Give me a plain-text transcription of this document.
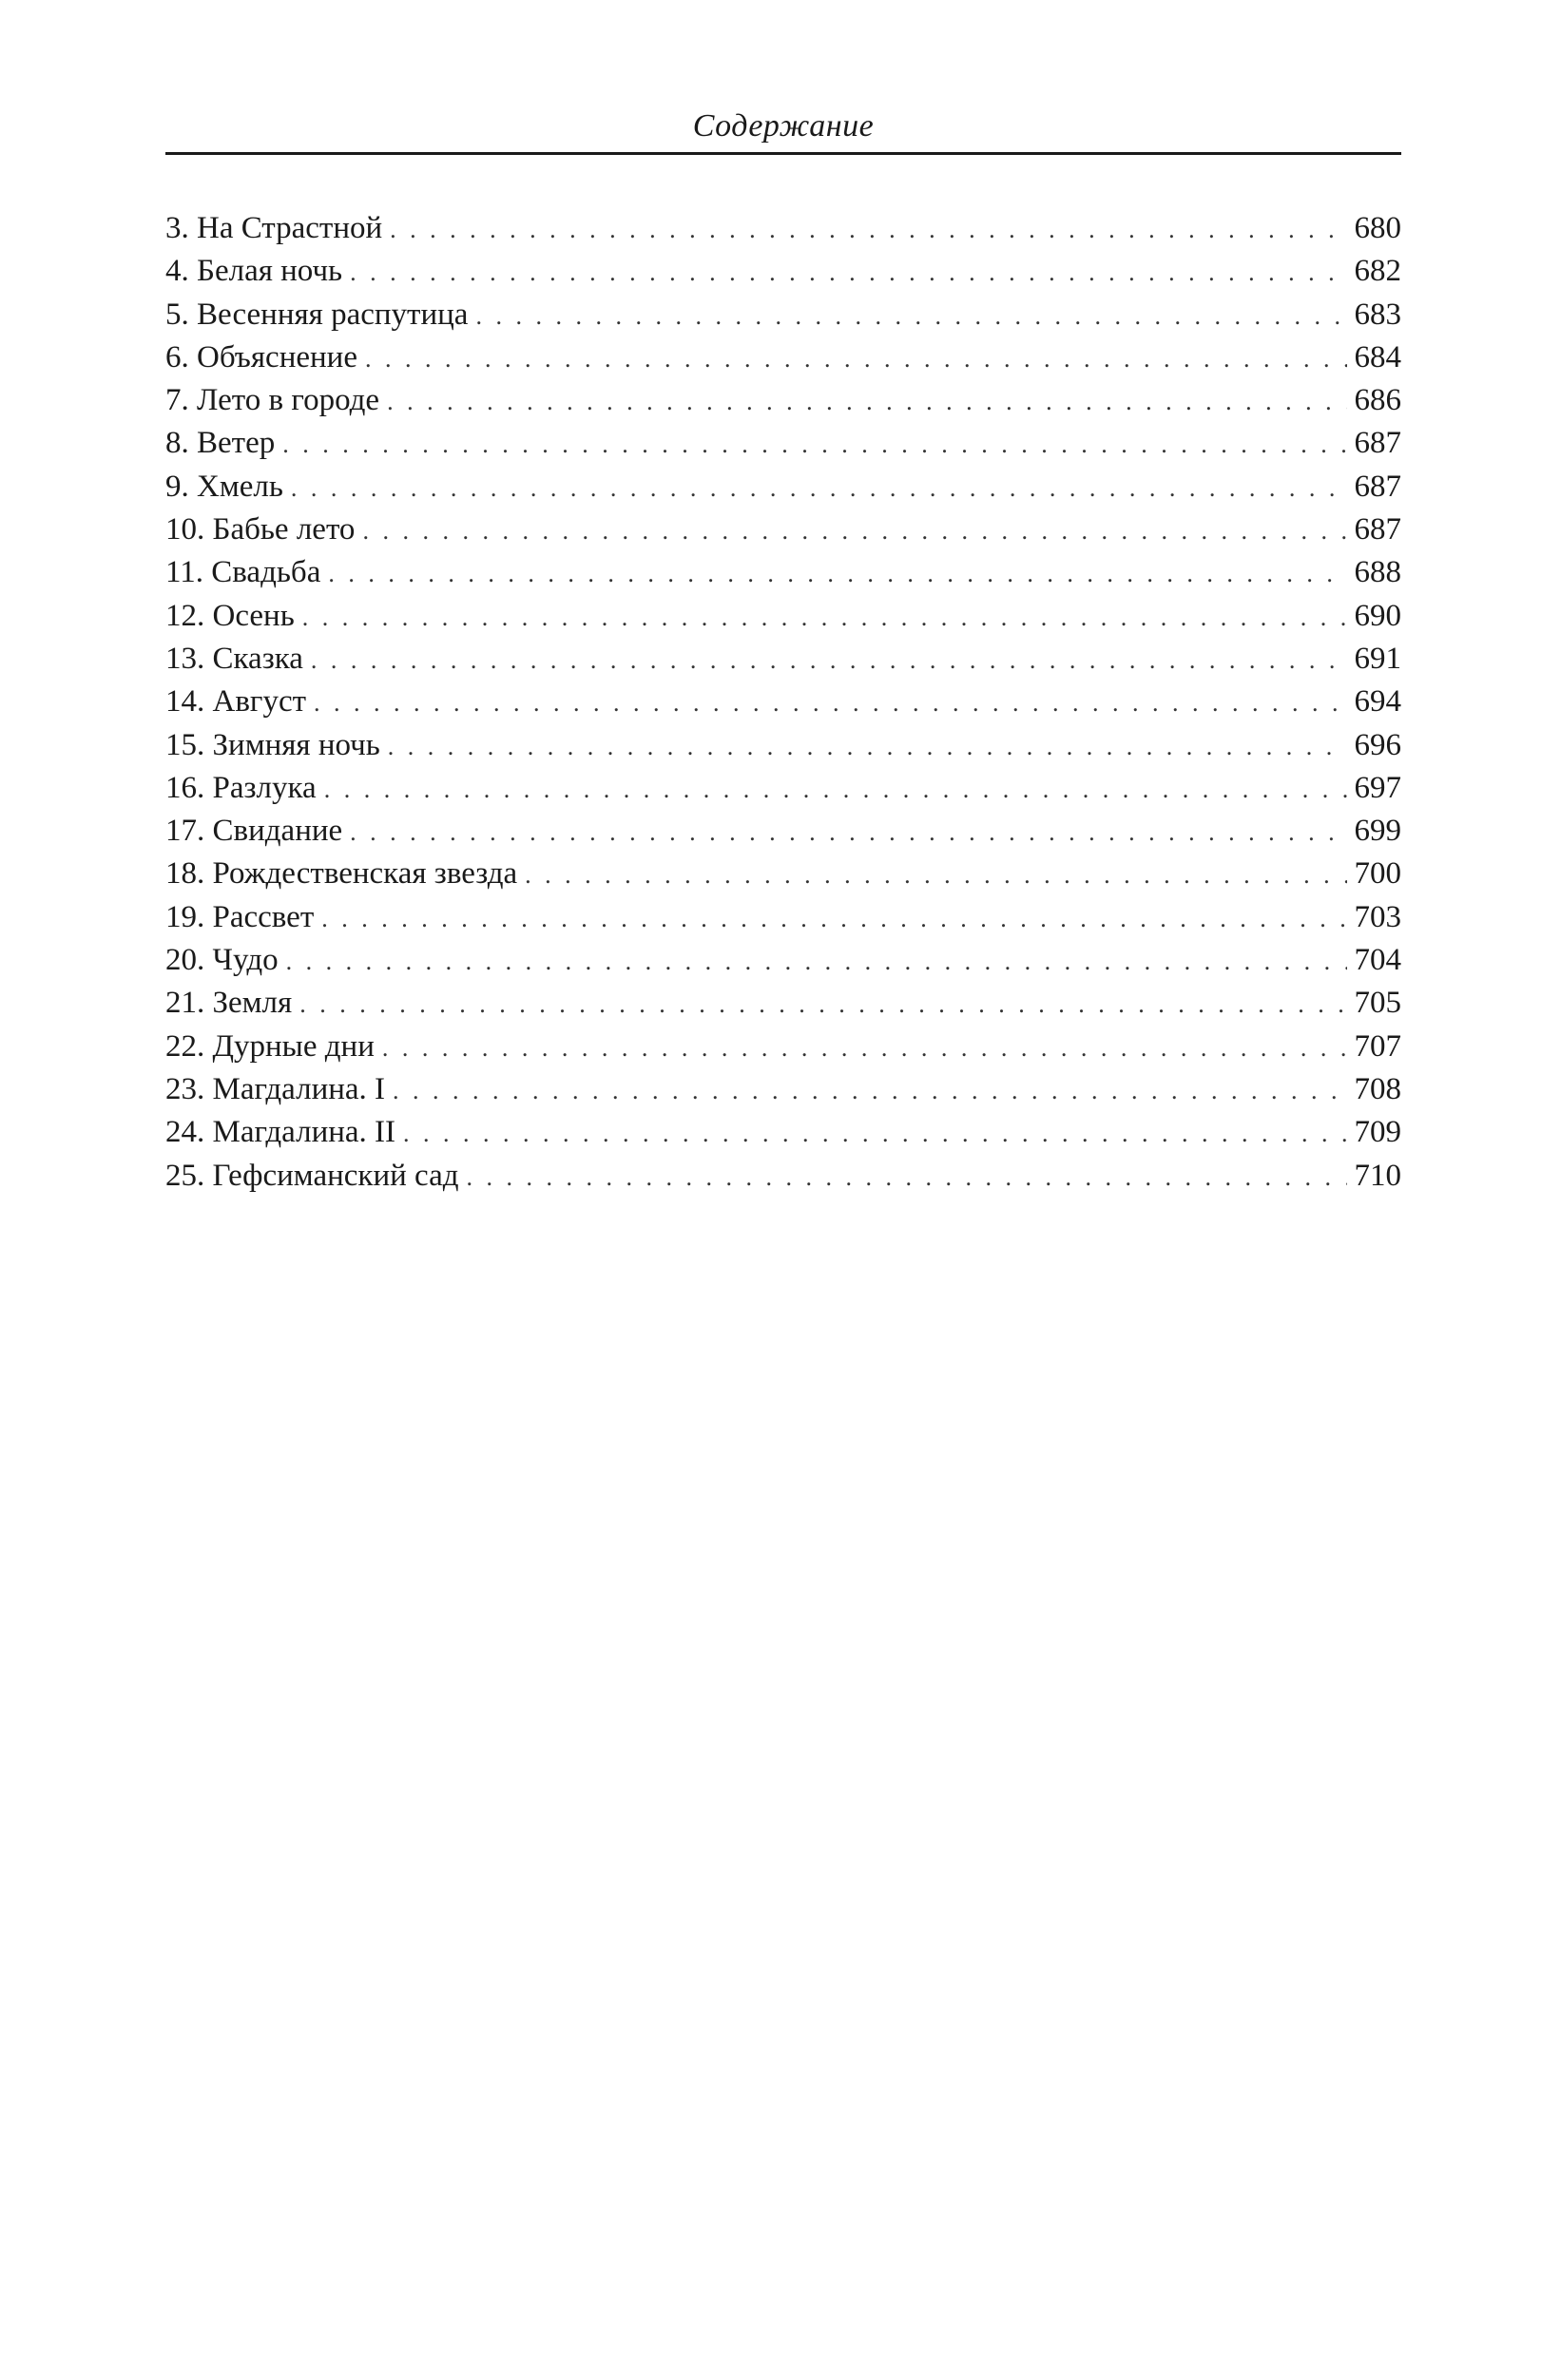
Содержание
3. На Страстной . . .	680
4. Белая ночь . . .	682
5. Весенняя распутица . . .	683
6. Объяснение . . .	684
7. Лето в городе . . .	686
8. Ветер . . .	687
9. Хмель . . .	687
10. Бабье лето . . .	687
11. Свадьба . . .	688
12. Осень . . .	690
13. Сказка . . .	691
14. Август . . .	694
15. Зимняя ночь . . .	696
16. Разлука . . .	697
17. Свидание . . .	699
18. Рождественская звезда . . .	700
19. Рассвет . . .	703
20. Чудо . . .	704
21. Земля . . .	705
22. Дурные дни . . .	707
23. Магдалина. I . . .	708
24. Магдалина. II . . .	709
25. Гефсиманский сад . . .	710
